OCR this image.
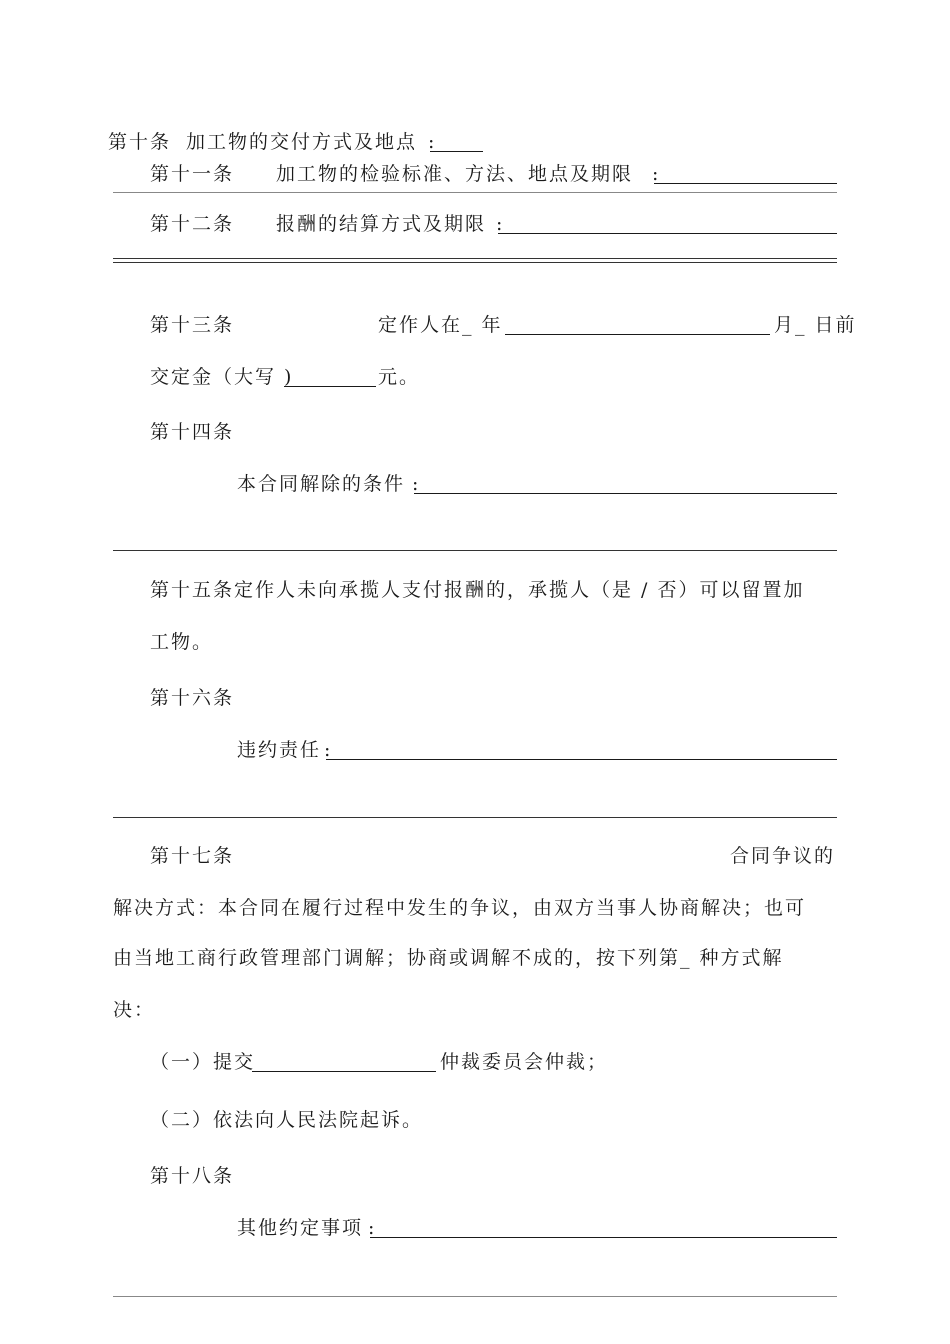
第十条 加工物的交付方式及地点 :
第十一条 加工物的检验标准、方法、地点及期限 :
第十二条 报酬的结算方式及期限 :
第十三条	定作人在_ 年	月_ 日前
交定金（大写 )	元。
第十四条
本合同解除的条件 :
第十五条定作人未向承揽人支付报酬的，承揽人（是 / 否）可以留置加
工物。
第十六条
违约责任 :
第十七条	合同争议的
解决方式：本合同在履行过程中发生的争议，由双方当事人协商解决；也可
由当地工商行政管理部门调解；协商或调解不成的，按下列第_ 种方式解
决：
（一）提交	仲裁委员会仲裁；
（二）依法向人民法院起诉。
第十八条
其他约定事项 :
